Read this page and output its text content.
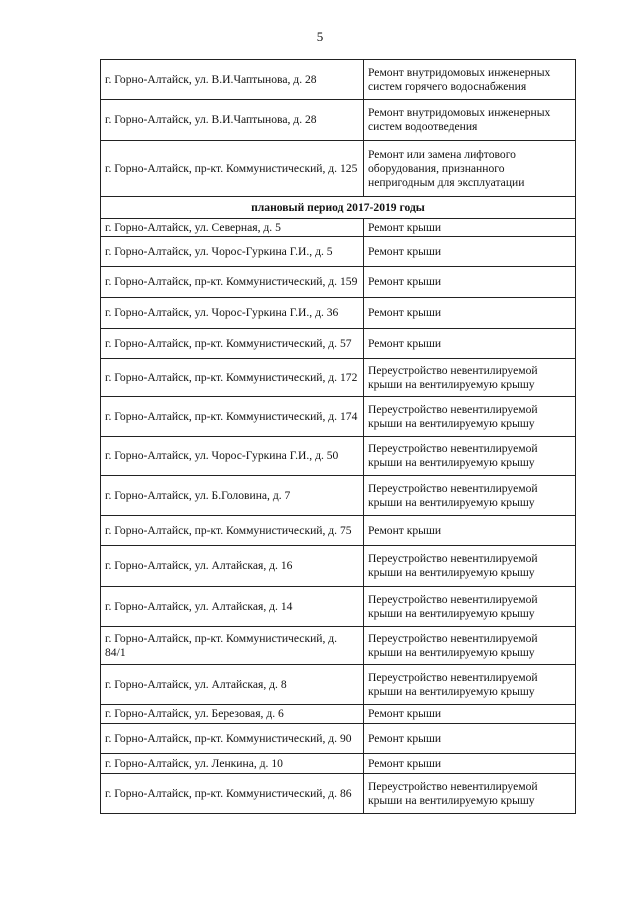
5
г. Горно-Алтайск, ул. В.И.Чаптынова, д. 28	Ремонт внутридомовых инженерных систем горячего водоснабжения
г. Горно-Алтайск, ул. В.И.Чаптынова, д. 28	Ремонт внутридомовых инженерных систем водоотведения
г. Горно-Алтайск, пр-кт. Коммунистический, д. 125	Ремонт или замена лифтового оборудования, признанного непригодным для эксплуатации
плановый период 2017-2019 годы	
г. Горно-Алтайск, ул. Северная, д. 5	Ремонт крыши
г. Горно-Алтайск, ул. Чорос-Гуркина Г.И., д. 5	Ремонт крыши
г. Горно-Алтайск, пр-кт. Коммунистический, д. 159	Ремонт крыши
г. Горно-Алтайск, ул. Чорос-Гуркина Г.И., д. 36	Ремонт крыши
г. Горно-Алтайск, пр-кт. Коммунистический, д. 57	Ремонт крыши
г. Горно-Алтайск, пр-кт. Коммунистический, д. 172	Переустройство невентилируемой крыши на вентилируемую крышу
г. Горно-Алтайск, пр-кт. Коммунистический, д. 174	Переустройство невентилируемой крыши на вентилируемую крышу
г. Горно-Алтайск, ул. Чорос-Гуркина Г.И., д. 50	Переустройство невентилируемой крыши на вентилируемую крышу
г. Горно-Алтайск, ул. Б.Головина, д. 7	Переустройство невентилируемой крыши на вентилируемую крышу
г. Горно-Алтайск, пр-кт. Коммунистический, д. 75	Ремонт крыши
г. Горно-Алтайск, ул. Алтайская, д. 16	Переустройство невентилируемой крыши на вентилируемую крышу
г. Горно-Алтайск, ул. Алтайская, д. 14	Переустройство невентилируемой крыши на вентилируемую крышу
г. Горно-Алтайск, пр-кт. Коммунистический, д. 84/1	Переустройство невентилируемой крыши на вентилируемую крышу
г. Горно-Алтайск, ул. Алтайская, д. 8	Переустройство невентилируемой крыши на вентилируемую крышу
г. Горно-Алтайск, ул. Березовая, д. 6	Ремонт крыши
г. Горно-Алтайск, пр-кт. Коммунистический, д. 90	Ремонт крыши
г. Горно-Алтайск, ул. Ленкина, д. 10	Ремонт крыши
г. Горно-Алтайск, пр-кт. Коммунистический, д. 86	Переустройство невентилируемой крыши на вентилируемую крышу
